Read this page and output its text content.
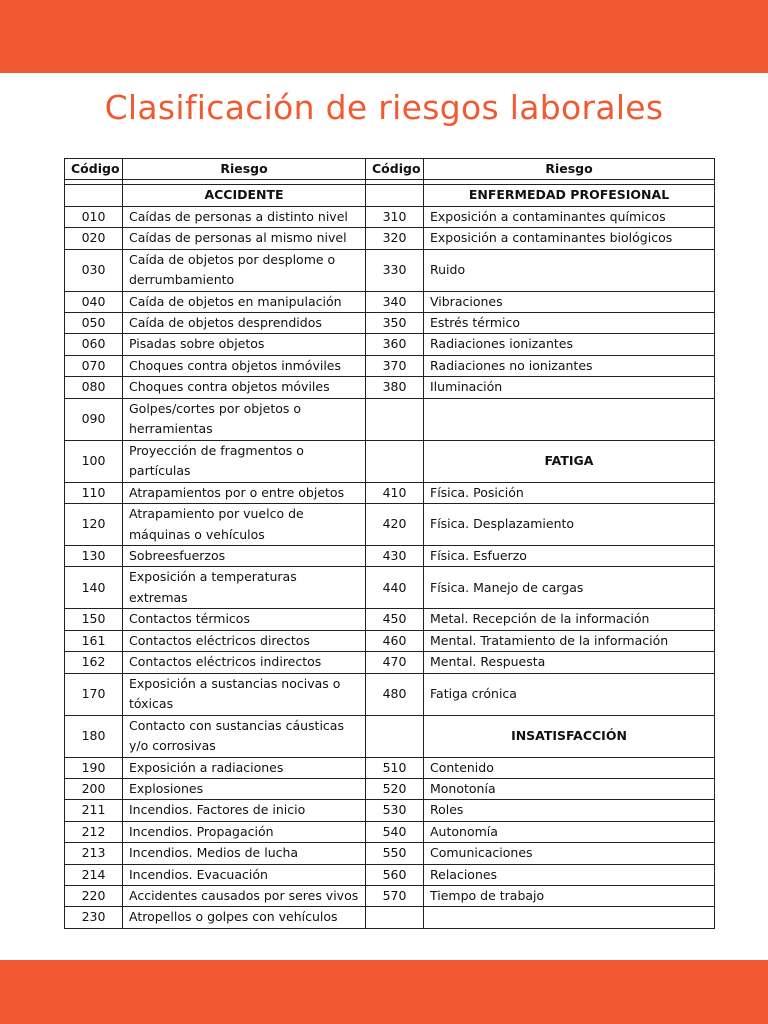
Clasificación de riesgos laborales
Código	Riesgo	Código	Riesgo

	ACCIDENTE		ENFERMEDAD PROFESIONAL
010	Caídas de personas a distinto nivel	310	Exposición a contaminantes químicos
020	Caídas de personas al mismo nivel	320	Exposición a contaminantes biológicos
030	Caída de objetos por desplome o derrumbamiento	330	Ruido
040	Caída de objetos en manipulación	340	Vibraciones
050	Caída de objetos desprendidos	350	Estrés térmico
060	Pisadas sobre objetos	360	Radiaciones ionizantes
070	Choques contra objetos inmóviles	370	Radiaciones no ionizantes
080	Choques contra objetos móviles	380	Iluminación
090	Golpes/cortes por objetos o herramientas		
100	Proyección de fragmentos o partículas		FATIGA
110	Atrapamientos por o entre objetos	410	Física. Posición
120	Atrapamiento por vuelco de máquinas o vehículos	420	Física. Desplazamiento
130	Sobreesfuerzos	430	Física. Esfuerzo
140	Exposición a temperaturas extremas	440	Física. Manejo de cargas
150	Contactos térmicos	450	Metal. Recepción de la información
161	Contactos eléctricos directos	460	Mental. Tratamiento de la información
162	Contactos eléctricos indirectos	470	Mental. Respuesta
170	Exposición a sustancias nocivas o tóxicas	480	Fatiga crónica
180	Contacto con sustancias cáusticas y/o corrosivas		INSATISFACCIÓN
190	Exposición a radiaciones	510	Contenido
200	Explosiones	520	Monotonía
211	Incendios. Factores de inicio	530	Roles
212	Incendios. Propagación	540	Autonomía
213	Incendios. Medios de lucha	550	Comunicaciones
214	Incendios. Evacuación	560	Relaciones
220	Accidentes causados por seres vivos	570	Tiempo de trabajo
230	Atropellos o golpes con vehículos		
